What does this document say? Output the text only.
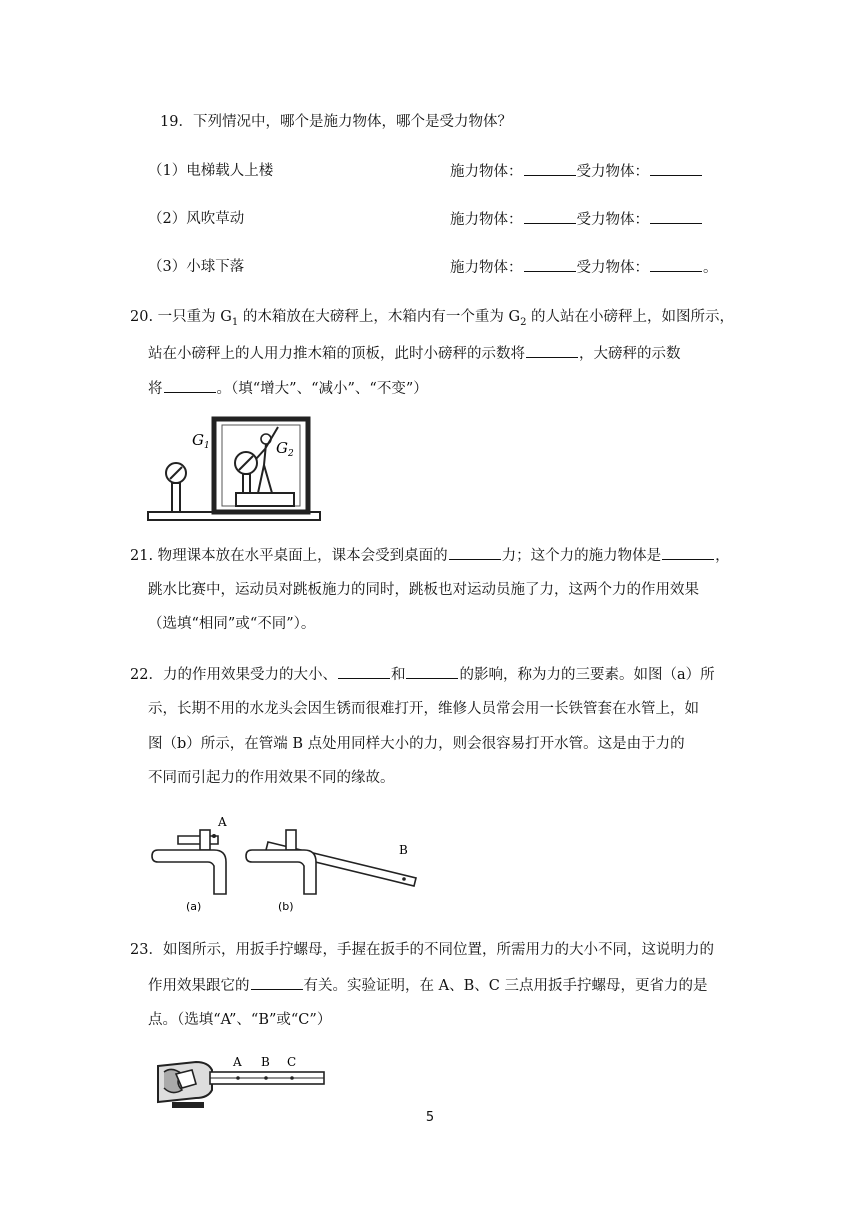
19．下列情况中，哪个是施力物体，哪个是受力物体？
（1）电梯载人上楼	施力物体：	受力物体：
（2）风吹草动	施力物体：	受力物体：
（3）小球下落	施力物体：	受力物体：	。
20. 一只重为 $G_1$ 的木箱放在大磅秤上，木箱内有一个重为 $G_2$ 的人站在小磅秤上，如图所示，
站在小磅秤上的人用力推木箱的顶板，此时小磅秤的示数将	，大磅秤的示数
将	。（填“增大”、“减小”、“不变”）
$G_1$	$G_2$
21. 物理课本放在水平桌面上，课本会受到桌面的	力；这个力的施力物体是	，
跳水比赛中，运动员对跳板施力的同时，跳板也对运动员施了力，这两个力的作用效果
（选填“相同”或“不同”）。
22．力的作用效果受力的大小、	和	的影响，称为力的三要素。如图（a）所
示，长期不用的水龙头会因生锈而很难打开，维修人员常会用一长铁管套在水管上，如
图（b）所示，在管端 B 点处用同样大小的力，则会很容易打开水管。这是由于力的
不同而引起力的作用效果不同的缘故。
A
(a)
B
(b)
23．如图所示，用扳手拧螺母，手握在扳手的不同位置，所需用力的大小不同，这说明力的
作用效果跟它的	有关。实验证明，在 A、B、C 三点用扳手拧螺母，更省力的是
点。（选填“A”、“B”或“C”）
A B C
5
